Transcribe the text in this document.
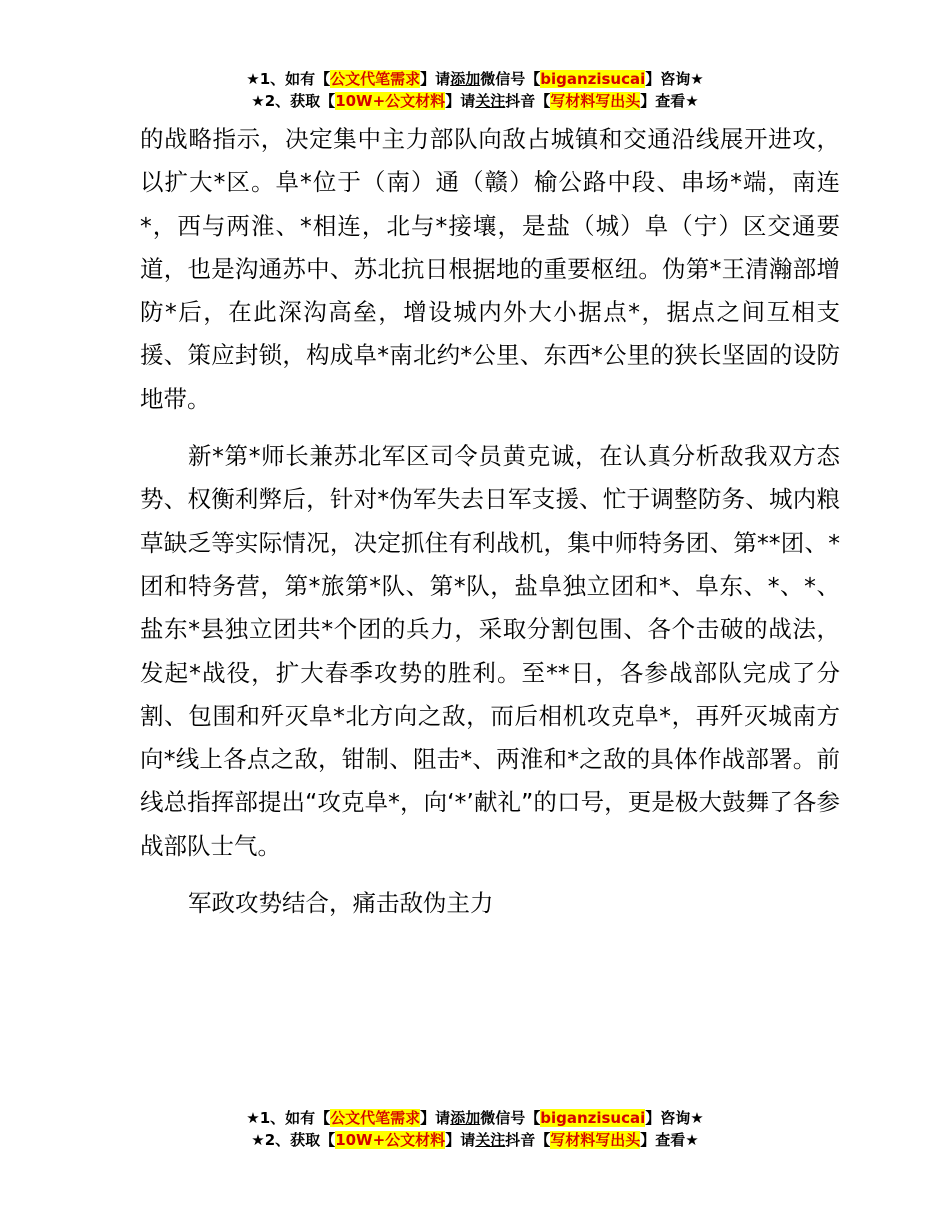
★1、如有【公文代笔需求】请添加微信号【biganzisucai】咨询★
★2、获取【10W+公文材料】请关注抖音【写材料写出头】查看★

的战略指示，决定集中主力部队向敌占城镇和交通沿线展开进攻，以扩大*区。阜*位于（南）通（赣）榆公路中段、串场*端，南连*，西与两淮、*相连，北与*接壤，是盐（城）阜（宁）区交通要道，也是沟通苏中、苏北抗日根据地的重要枢纽。伪第*王清瀚部增防*后，在此深沟高垒，增设城内外大小据点*，据点之间互相支援、策应封锁，构成阜*南北约*公里、东西*公里的狭长坚固的设防地带。

新*第*师长兼苏北军区司令员黄克诚，在认真分析敌我双方态势、权衡利弊后，针对*伪军失去日军支援、忙于调整防务、城内粮草缺乏等实际情况，决定抓住有利战机，集中师特务团、第**团、*团和特务营，第*旅第*队、第*队，盐阜独立团和*、阜东、*、*、盐东*县独立团共*个团的兵力，采取分割包围、各个击破的战法，发起*战役，扩大春季攻势的胜利。至**日，各参战部队完成了分割、包围和歼灭阜*北方向之敌，而后相机攻克阜*，再歼灭城南方向*线上各点之敌，钳制、阻击*、两淮和*之敌的具体作战部署。前线总指挥部提出“攻克阜*，向‘*’献礼”的口号，更是极大鼓舞了各参战部队士气。

军政攻势结合，痛击敌伪主力

★1、如有【公文代笔需求】请添加微信号【biganzisucai】咨询★
★2、获取【10W+公文材料】请关注抖音【写材料写出头】查看★
